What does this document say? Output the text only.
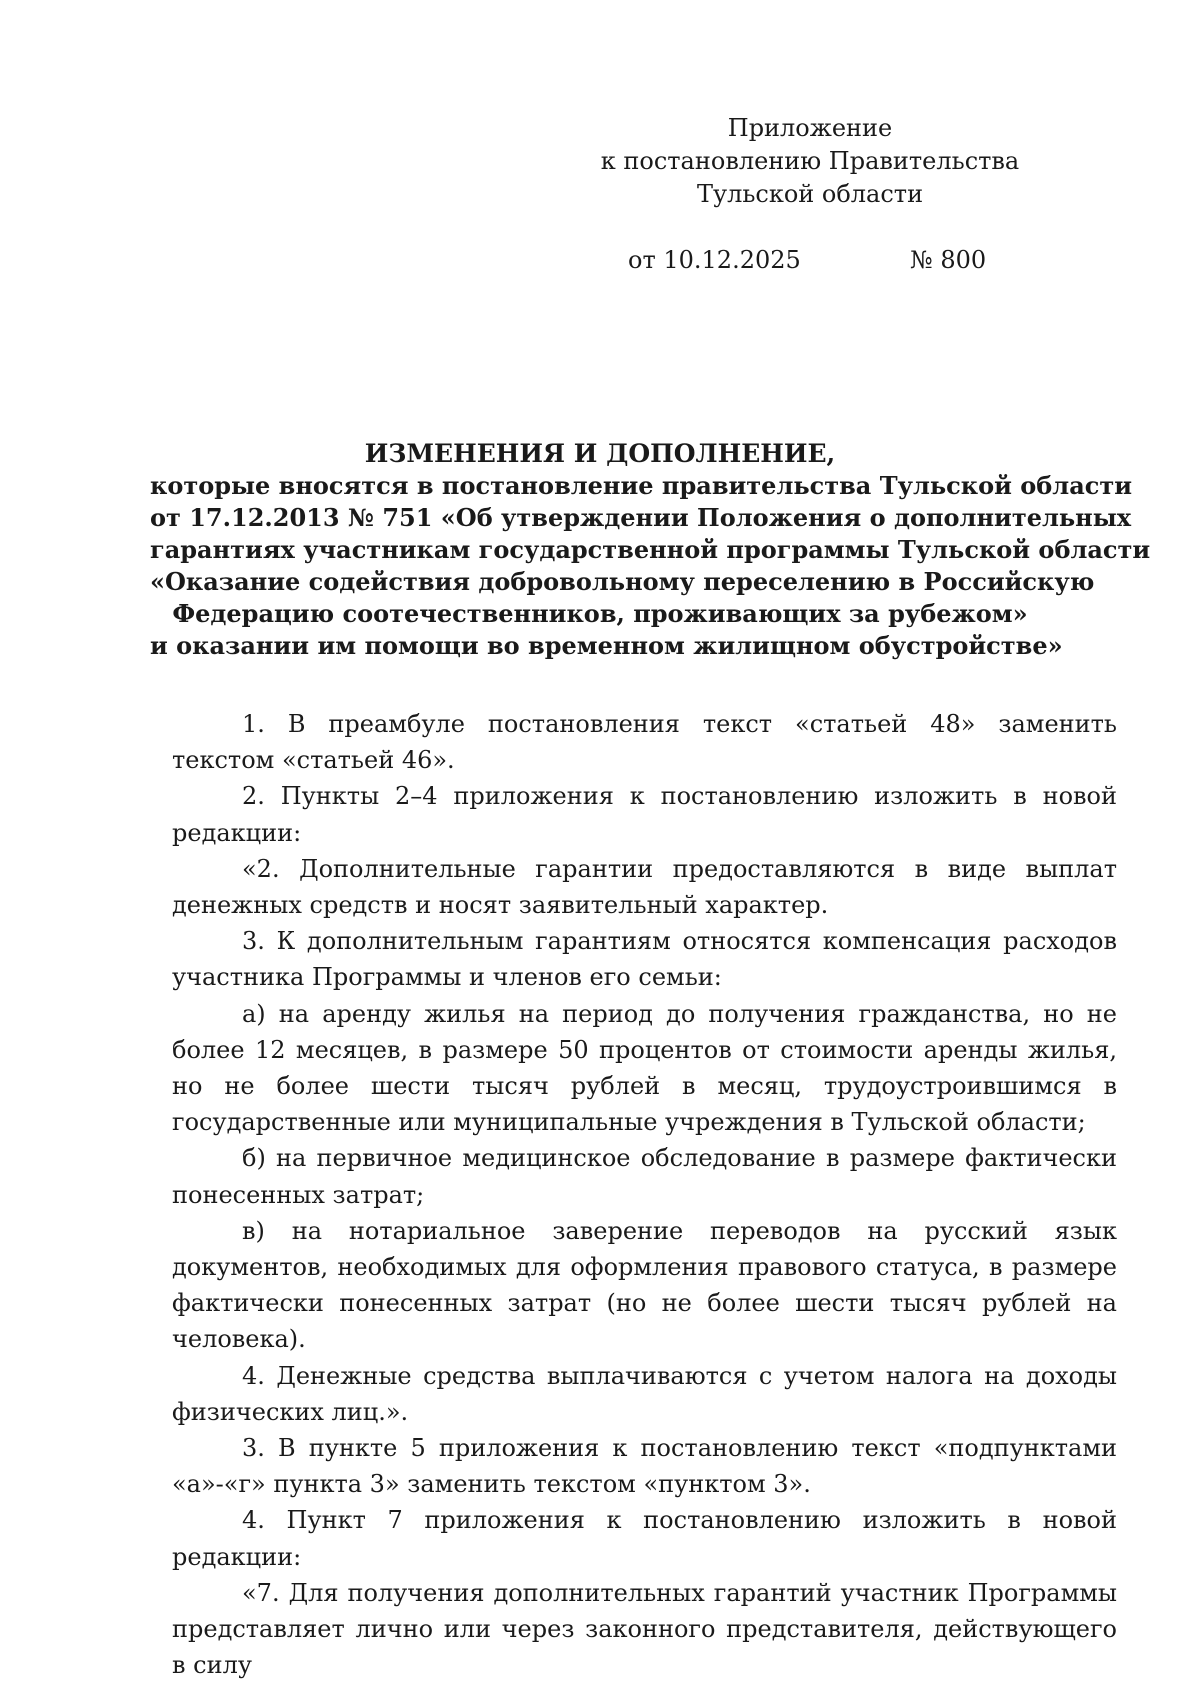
Приложение
к постановлению Правительства
Тульской области
от 10.12.2025	№ 800
ИЗМЕНЕНИЯ И ДОПОЛНЕНИЕ,
которые вносятся в постановление правительства Тульской области
от 17.12.2013 № 751 «Об утверждении Положения о дополнительных
гарантиях участникам государственной программы Тульской области
«Оказание содействия добровольному переселению в Российскую
Федерацию соотечественников, проживающих за рубежом»
и оказании им помощи во временном жилищном обустройстве»

1. В преамбуле постановления текст «статьей 48» заменить текстом «статьей 46».

2. Пункты 2–4 приложения к постановлению изложить в новой редакции:

«2. Дополнительные гарантии предоставляются в виде выплат денежных средств и носят заявительный характер.

3. К дополнительным гарантиям относятся компенсация расходов участника Программы и членов его семьи:

а) на аренду жилья на период до получения гражданства, но не более 12 месяцев, в размере 50 процентов от стоимости аренды жилья, но не более шести тысяч рублей в месяц, трудоустроившимся в государственные или муниципальные учреждения в Тульской области;

б) на первичное медицинское обследование в размере фактически понесенных затрат;

в) на нотариальное заверение переводов на русский язык документов, необходимых для оформления правового статуса, в размере фактически понесенных затрат (но не более шести тысяч рублей на человека).

4. Денежные средства выплачиваются с учетом налога на доходы физических лиц.».

3. В пункте 5 приложения к постановлению текст «подпунктами «а»-«г» пункта 3» заменить текстом «пунктом 3».

4. Пункт 7 приложения к постановлению изложить в новой редакции:

«7. Для получения дополнительных гарантий участник Программы представляет лично или через законного представителя, действующего в силу
